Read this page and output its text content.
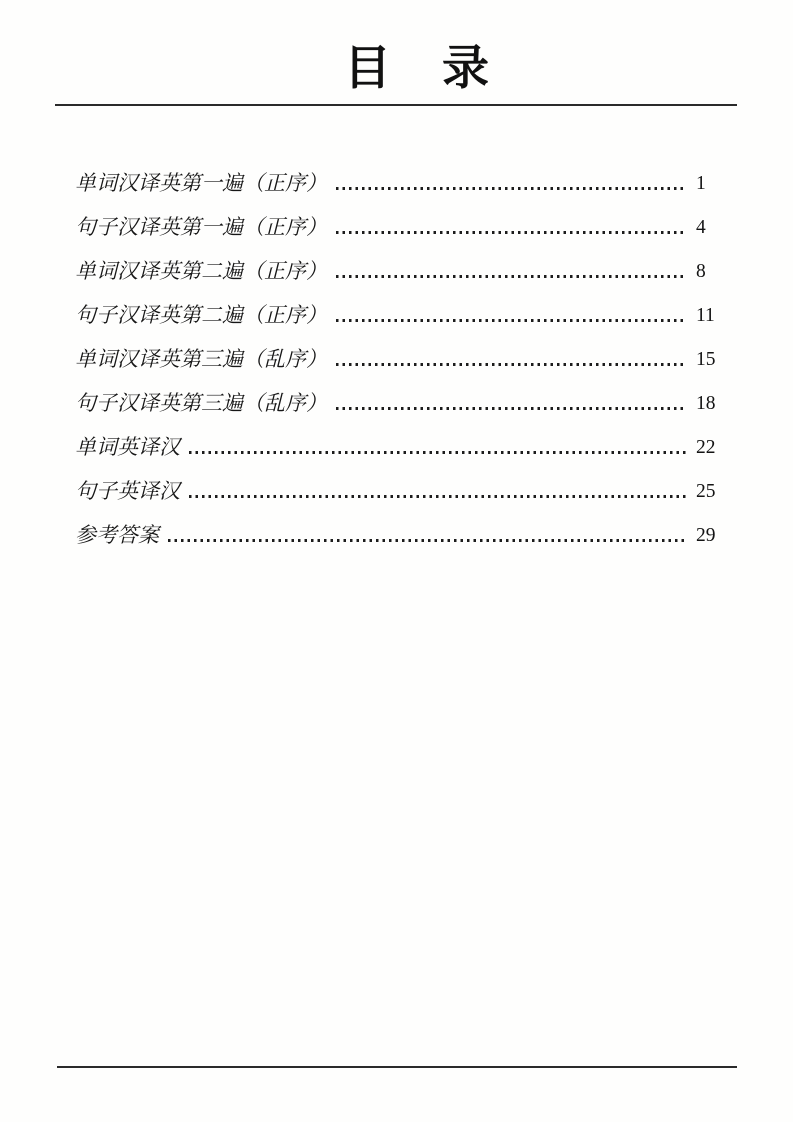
目　录
单词汉译英第一遍（正序）	1
句子汉译英第一遍（正序）	4
单词汉译英第二遍（正序）	8
句子汉译英第二遍（正序）	11
单词汉译英第三遍（乱序）	15
句子汉译英第三遍（乱序）	18
单词英译汉	22
句子英译汉	25
参考答案	29
